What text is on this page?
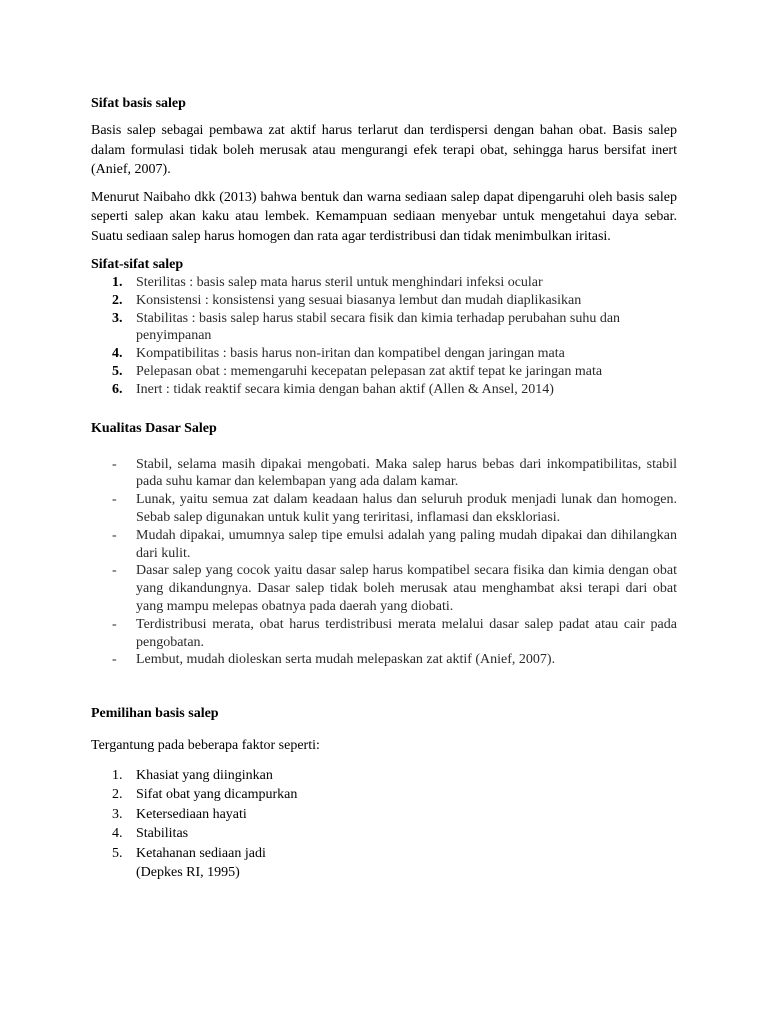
Sifat basis salep

Basis salep sebagai pembawa zat aktif harus terlarut dan terdispersi dengan bahan obat. Basis salep dalam formulasi tidak boleh merusak atau mengurangi efek terapi obat, sehingga harus bersifat inert (Anief, 2007).

Menurut Naibaho dkk (2013) bahwa bentuk dan warna sediaan salep dapat dipengaruhi oleh basis salep seperti salep akan kaku atau lembek. Kemampuan sediaan menyebar untuk mengetahui daya sebar. Suatu sediaan salep harus homogen dan rata agar terdistribusi dan tidak menimbulkan iritasi.

Sifat-sifat salep
1. Sterilitas : basis salep mata harus steril untuk menghindari infeksi ocular
2. Konsistensi : konsistensi yang sesuai biasanya lembut dan mudah diaplikasikan
3. Stabilitas : basis salep harus stabil secara fisik dan kimia terhadap perubahan suhu dan penyimpanan
4. Kompatibilitas : basis harus non-iritan dan kompatibel dengan jaringan mata
5. Pelepasan obat : memengaruhi kecepatan pelepasan zat aktif tepat ke jaringan mata
6. Inert : tidak reaktif secara kimia dengan bahan aktif (Allen & Ansel, 2014)
Kualitas Dasar Salep
- Stabil, selama masih dipakai mengobati. Maka salep harus bebas dari inkompatibilitas, stabil pada suhu kamar dan kelembapan yang ada dalam kamar.
- Lunak, yaitu semua zat dalam keadaan halus dan seluruh produk menjadi lunak dan homogen. Sebab salep digunakan untuk kulit yang teriritasi, inflamasi dan ekskloriasi.
- Mudah dipakai, umumnya salep tipe emulsi adalah yang paling mudah dipakai dan dihilangkan dari kulit.
- Dasar salep yang cocok yaitu dasar salep harus kompatibel secara fisika dan kimia dengan obat yang dikandungnya. Dasar salep tidak boleh merusak atau menghambat aksi terapi dari obat yang mampu melepas obatnya pada daerah yang diobati.
- Terdistribusi merata, obat harus terdistribusi merata melalui dasar salep padat atau cair pada pengobatan.
- Lembut, mudah dioleskan serta mudah melepaskan zat aktif (Anief, 2007).
Pemilihan basis salep

Tergantung pada beberapa faktor seperti:

1. Khasiat yang diinginkan
2. Sifat obat yang dicampurkan
3. Ketersediaan hayati
4. Stabilitas
5. Ketahanan sediaan jadi
(Depkes RI, 1995)
